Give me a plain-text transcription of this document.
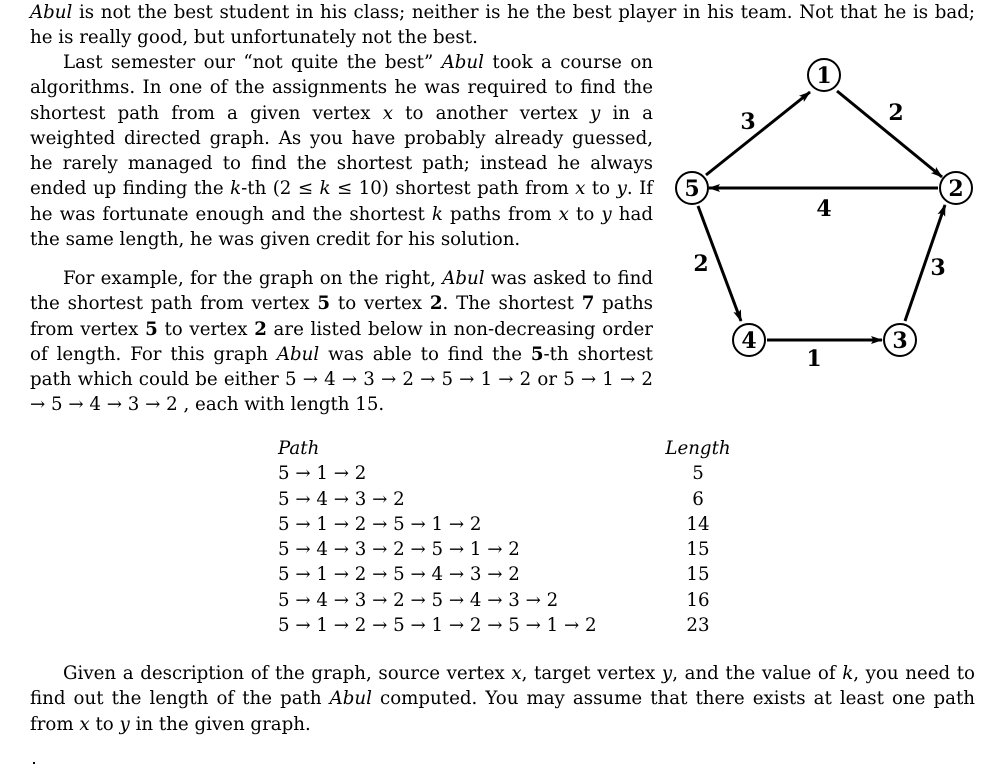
Abul is not the best student in his class; neither is he the best player in his team. Not that he is bad; he is really good, but unfortunately not the best.

Last semester our “not quite the best” Abul took a course on algorithms. In one of the assignments he was required to find the shortest path from a given vertex x to another vertex y in a weighted directed graph. As you have probably already guessed, he rarely managed to find the shortest path; instead he always ended up finding the k-th (2 ≤ k ≤ 10) shortest path from x to y. If he was fortunate enough and the shortest k paths from x to y had the same length, he was given credit for his solution.

For example, for the graph on the right, Abul was asked to find the shortest path from vertex 5 to vertex 2. The shortest 7 paths from vertex 5 to vertex 2 are listed below in non-decreasing order of length. For this graph Abul was able to find the 5-th shortest path which could be either 5 → 4 → 3 → 2 → 5 → 1 → 2 or 5 → 1 → 2 → 5 → 4 → 3 → 2 , each with length 15.

3	2
4
3
2
1
1
2
3
4
5
Path	Length
5 → 1 → 2	5
5 → 4 → 3 → 2	6
5 → 1 → 2 → 5 → 1 → 2	14
5 → 4 → 3 → 2 → 5 → 1 → 2	15
5 → 1 → 2 → 5 → 4 → 3 → 2	15
5 → 4 → 3 → 2 → 5 → 4 → 3 → 2	16
5 → 1 → 2 → 5 → 1 → 2 → 5 → 1 → 2	23

Given a description of the graph, source vertex x, target vertex y, and the value of k, you need to find out the length of the path Abul computed. You may assume that there exists at least one path from x to y in the given graph.
